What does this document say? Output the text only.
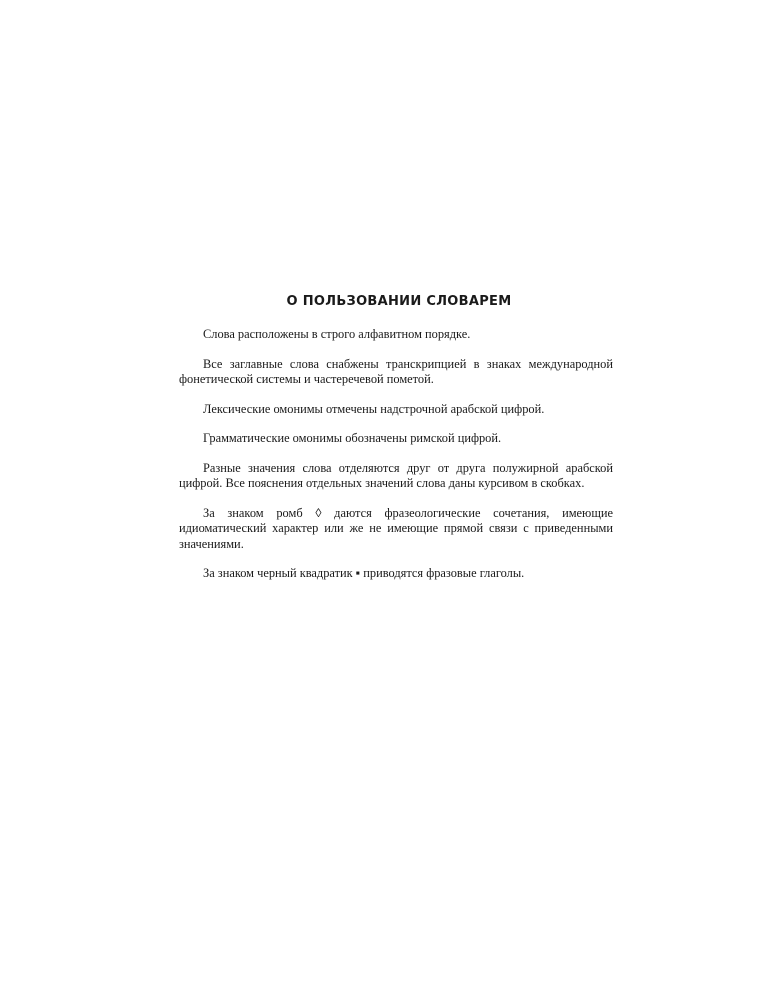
О ПОЛЬЗОВАНИИ СЛОВАРЕМ

Слова расположены в строго алфавитном порядке.

Все заглавные слова снабжены транскрипцией в знаках международной фонетической системы и частеречевой пометой.

Лексические омонимы отмечены надстрочной арабской цифрой.

Грамматические омонимы обозначены римской цифрой.

Разные значения слова отделяются друг от друга полужирной арабской цифрой. Все пояснения отдельных значений слова даны курсивом в скобках.

За знаком ромб ◊ даются фразеологические сочетания, имеющие идиоматический характер или же не имеющие прямой связи с приведенными значениями.

За знаком черный квадратик ▪ приводятся фразовые глаголы.
